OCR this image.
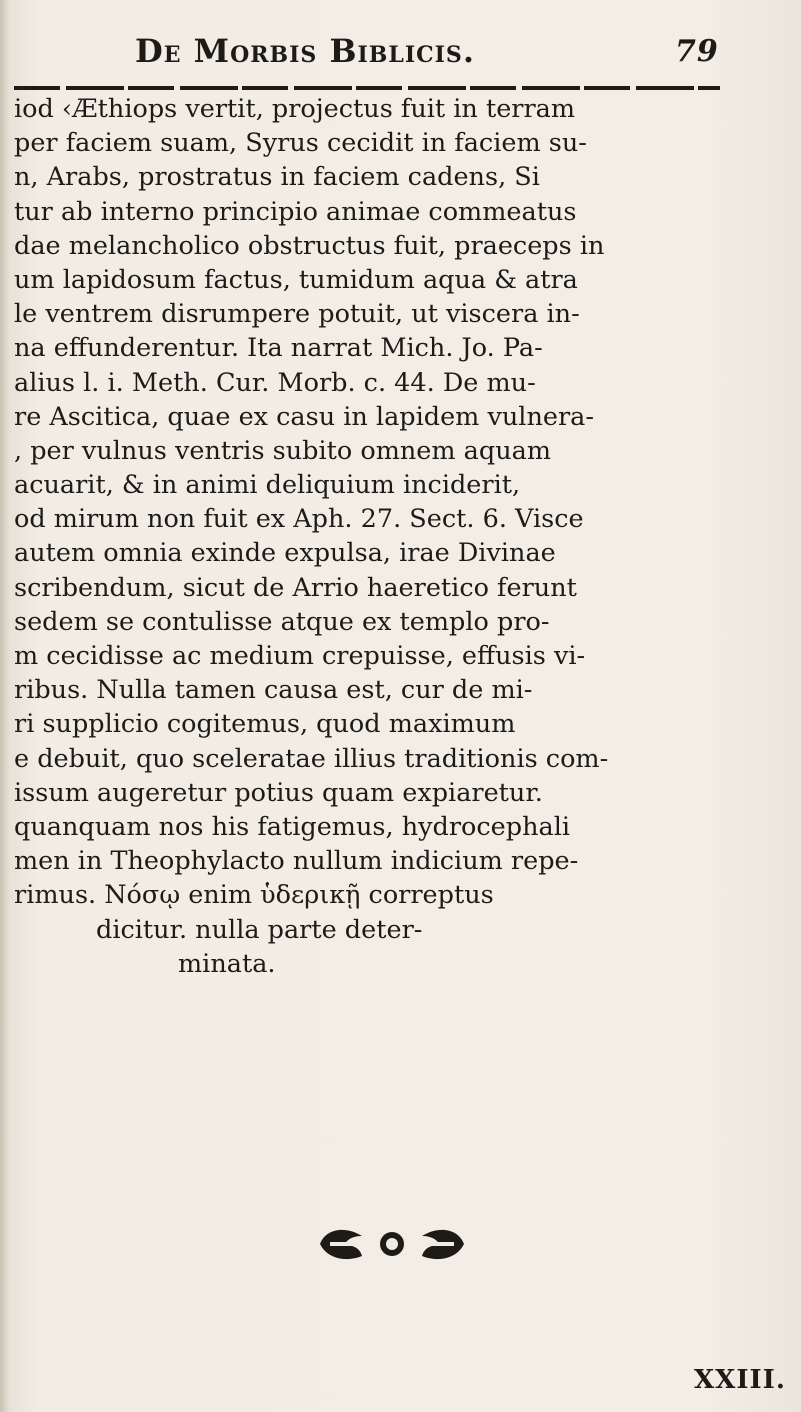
De Morbis Biblicis.	79
iod ‹Æthiops vertit, projectus fuit in terram
per faciem suam, Syrus cecidit in faciem su-
n, Arabs, prostratus in faciem cadens, Si
tur ab interno principio animae commeatus
dae melancholico obstructus fuit, praeceps in
um lapidosum factus, tumidum aqua & atra
le ventrem disrumpere potuit, ut viscera in-
na effunderentur. Ita narrat Mich. Jo. Pa-
alius l. i. Meth. Cur. Morb. c. 44. De mu-
re Ascitica, quae ex casu in lapidem vulnera-
, per vulnus ventris subito omnem aquam
acuarit, & in animi deliquium inciderit,
od mirum non fuit ex Aph. 27. Sect. 6. Visce
autem omnia exinde expulsa, irae Divinae
scribendum, sicut de Arrio haeretico ferunt
sedem se contulisse atque ex templo pro-
m cecidisse ac medium crepuisse, effusis vi-
ribus. Nulla tamen causa est, cur de mi-
ri supplicio cogitemus, quod maximum
e debuit, quo sceleratae illius traditionis com-
issum augeretur potius quam expiaretur.
quanquam nos his fatigemus, hydrocephali
men in Theophylacto nullum indicium repe-
rimus. Νόσῳ enim ὑδερικῇ correptus
dicitur. nulla parte deter-
minata.
XXIII.
